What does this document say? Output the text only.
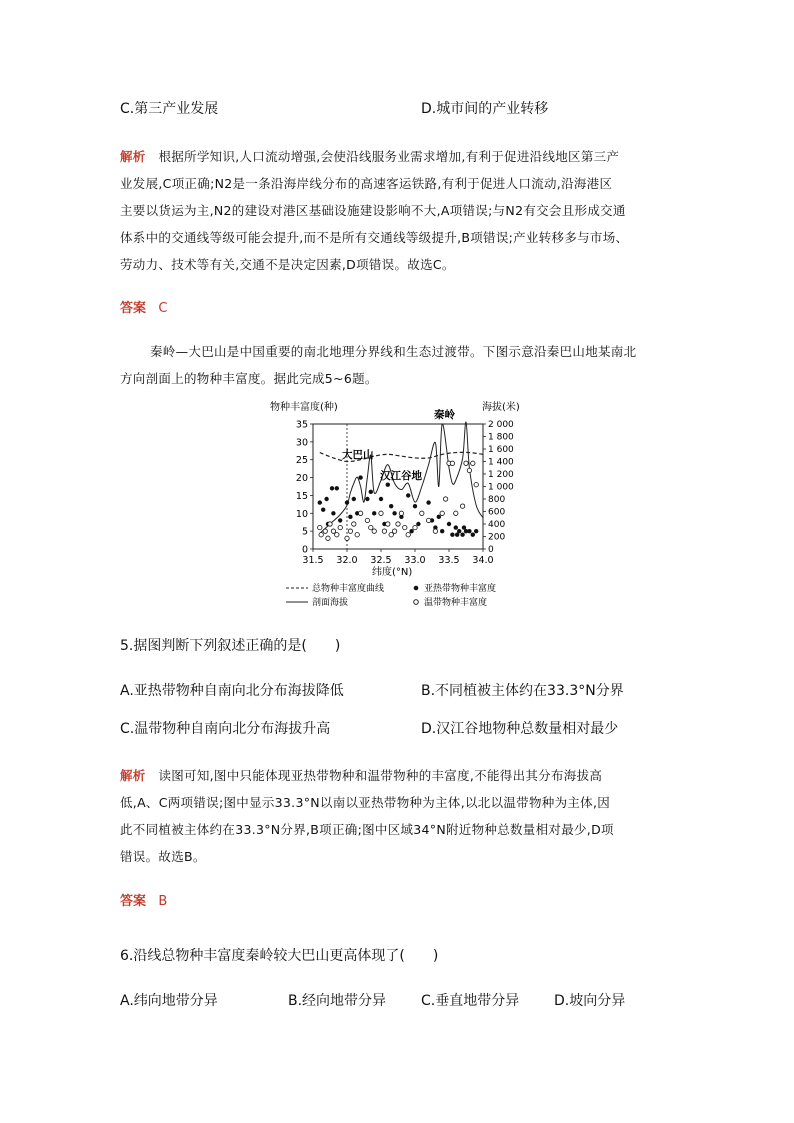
C.第三产业发展	D.城市间的产业转移
解析 根据所学知识,人口流动增强,会使沿线服务业需求增加,有利于促进沿线地区第三产
业发展,C项正确;N2是一条沿海岸线分布的高速客运铁路,有利于促进人口流动,沿海港区
主要以货运为主,N2的建设对港区基础设施建设影响不大,A项错误;与N2有交会且形成交通
体系中的交通线等级可能会提升,而不是所有交通线等级提升,B项错误;产业转移多与市场、
劳动力、技术等有关,交通不是决定因素,D项错误。故选C。
答案 C
秦岭—大巴山是中国重要的南北地理分界线和生态过渡带。下图示意沿秦巴山地某南北
方向剖面上的物种丰富度。据此完成5~6题。
物种丰富度(种)	海拔(米)
0
5
10
15
20
25
30
35
0
200
400
600
800
1 000
1 200
1 400
1 600
1 800
2 000
31.5 32.0 32.5 33.0 33.5 34.0
大巴山
汉江谷地
秦岭
纬度(°N)
总物种丰富度曲线	亚热带物种丰富度
剖面海拔	温带物种丰富度
5.据图判断下列叙述正确的是(　　)
A.亚热带物种自南向北分布海拔降低	B.不同植被主体约在33.3°N分界
C.温带物种自南向北分布海拔升高	D.汉江谷地物种总数量相对最少
解析 读图可知,图中只能体现亚热带物种和温带物种的丰富度,不能得出其分布海拔高
低,A、C两项错误;图中显示33.3°N以南以亚热带物种为主体,以北以温带物种为主体,因
此不同植被主体约在33.3°N分界,B项正确;图中区域34°N附近物种总数量相对最少,D项
错误。故选B。
答案 B
6.沿线总物种丰富度秦岭较大巴山更高体现了(　　)
A.纬向地带分异	B.经向地带分异 C.垂直地带分异 D.坡向分异
